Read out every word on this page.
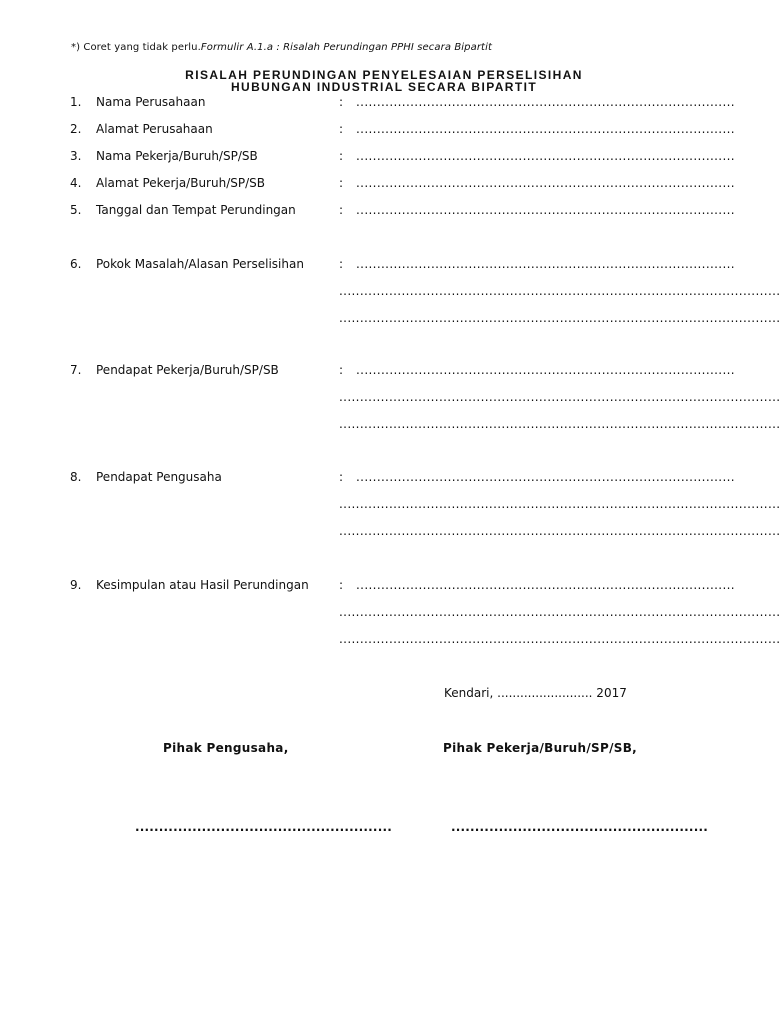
*) Coret yang tidak perlu.Formulir A.1.a : Risalah Perundingan PPHI secara Bipartit
RISALAH PERUNDINGAN PENYELESAIAN PERSELISIHAN
HUBUNGAN INDUSTRIAL SECARA BIPARTIT
1. Nama Perusahaan	: ...........................................................................................
2. Alamat Perusahaan	: ...........................................................................................
3. Nama Pekerja/Buruh/SP/SB	: ...........................................................................................
4. Alamat Pekerja/Buruh/SP/SB	: ...........................................................................................
5. Tanggal dan Tempat Perundingan	: ...........................................................................................
6. Pokok Masalah/Alasan Perselisihan	: ...........................................................................................
..........................................................................................................
..........................................................................................................
7. Pendapat Pekerja/Buruh/SP/SB	: ...........................................................................................
..........................................................................................................
..........................................................................................................
8. Pendapat Pengusaha	: ...........................................................................................
..........................................................................................................
..........................................................................................................
9. Kesimpulan atau Hasil Perundingan	: ...........................................................................................
..........................................................................................................
..........................................................................................................
Kendari, ......................... 2017
Pihak Pengusaha,	Pihak Pekerja/Buruh/SP/SB,
......................................................	......................................................
